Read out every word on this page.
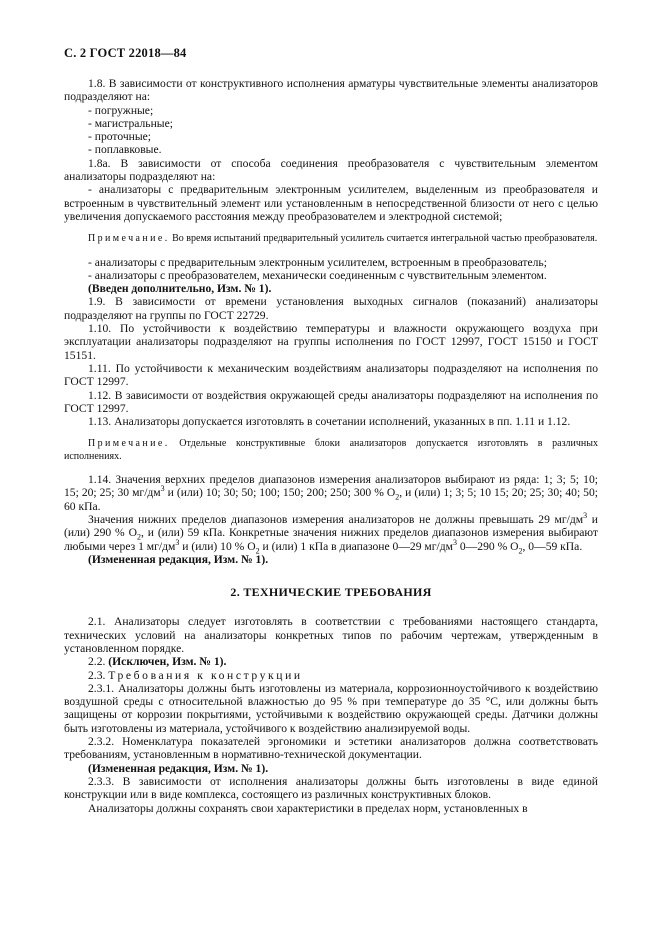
С. 2 ГОСТ 22018—84

1.8. В зависимости от конструктивного исполнения арматуры чувствительные элементы анализаторов подразделяют на:

- погружные;

- магистральные;

- проточные;

- поплавковые.

1.8а. В зависимости от способа соединения преобразователя с чувствительным элементом анализаторы подразделяют на:

- анализаторы с предварительным электронным усилителем, выделенным из преобразователя и встроенным в чувствительный элемент или установленным в непосредственной близости от него с целью увеличения допускаемого расстояния между преобразователем и электродной системой;

Примечание. Во время испытаний предварительный усилитель считается интегральной частью преобразователя.

- анализаторы с предварительным электронным усилителем, встроенным в преобразователь;

- анализаторы с преобразователем, механически соединенным с чувствительным элементом.

(Введен дополнительно, Изм. № 1).

1.9. В зависимости от времени установления выходных сигналов (показаний) анализаторы подразделяют на группы по ГОСТ 22729.

1.10. По устойчивости к воздействию температуры и влажности окружающего воздуха при эксплуатации анализаторы подразделяют на группы исполнения по ГОСТ 12997, ГОСТ 15150 и ГОСТ 15151.

1.11. По устойчивости к механическим воздействиям анализаторы подразделяют на исполнения по ГОСТ 12997.

1.12. В зависимости от воздействия окружающей среды анализаторы подразделяют на исполнения по ГОСТ 12997.

1.13. Анализаторы допускается изготовлять в сочетании исполнений, указанных в пп. 1.11 и 1.12.

Примечание. Отдельные конструктивные блоки анализаторов допускается изготовлять в различных исполнениях.

1.14. Значения верхних пределов диапазонов измерения анализаторов выбирают из ряда: 1; 3; 5; 10; 15; 20; 25; 30 $мг/дм^3$ и (или) 10; 30; 50; 100; 150; 200; 250; 300 % $O_2$, и (или) 1; 3; 5; 10 15; 20; 25; 30; 40; 50; 60 кПа.

Значения нижних пределов диапазонов измерения анализаторов не должны превышать 29 $мг/дм^3$ и (или) 290 % $O_2$, и (или) 59 кПа. Конкретные значения нижних пределов диапазонов измерения выбирают любыми через 1 $мг/дм^3$ и (или) 10 % $O_2$ и (или) 1 кПа в диапазоне 0—29 $мг/дм^3$ 0—290 % $O_2$, 0—59 кПа.

(Измененная редакция, Изм. № 1).

2. ТЕХНИЧЕСКИЕ ТРЕБОВАНИЯ

2.1. Анализаторы следует изготовлять в соответствии с требованиями настоящего стандарта, технических условий на анализаторы конкретных типов по рабочим чертежам, утвержденным в установленном порядке.

2.2. (Исключен, Изм. № 1).

2.3. Требования к конструкции

2.3.1. Анализаторы должны быть изготовлены из материала, коррозионноустойчивого к воздействию воздушной среды с относительной влажностью до 95 % при температуре до 35 °С, или должны быть защищены от коррозии покрытиями, устойчивыми к воздействию окружающей среды. Датчики должны быть изготовлены из материала, устойчивого к воздействию анализируемой воды.

2.3.2. Номенклатура показателей эргономики и эстетики анализаторов должна соответствовать требованиям, установленным в нормативно-технической документации.

(Измененная редакция, Изм. № 1).

2.3.3. В зависимости от исполнения анализаторы должны быть изготовлены в виде единой конструкции или в виде комплекса, состоящего из различных конструктивных блоков.

Анализаторы должны сохранять свои характеристики в пределах норм, установленных в
